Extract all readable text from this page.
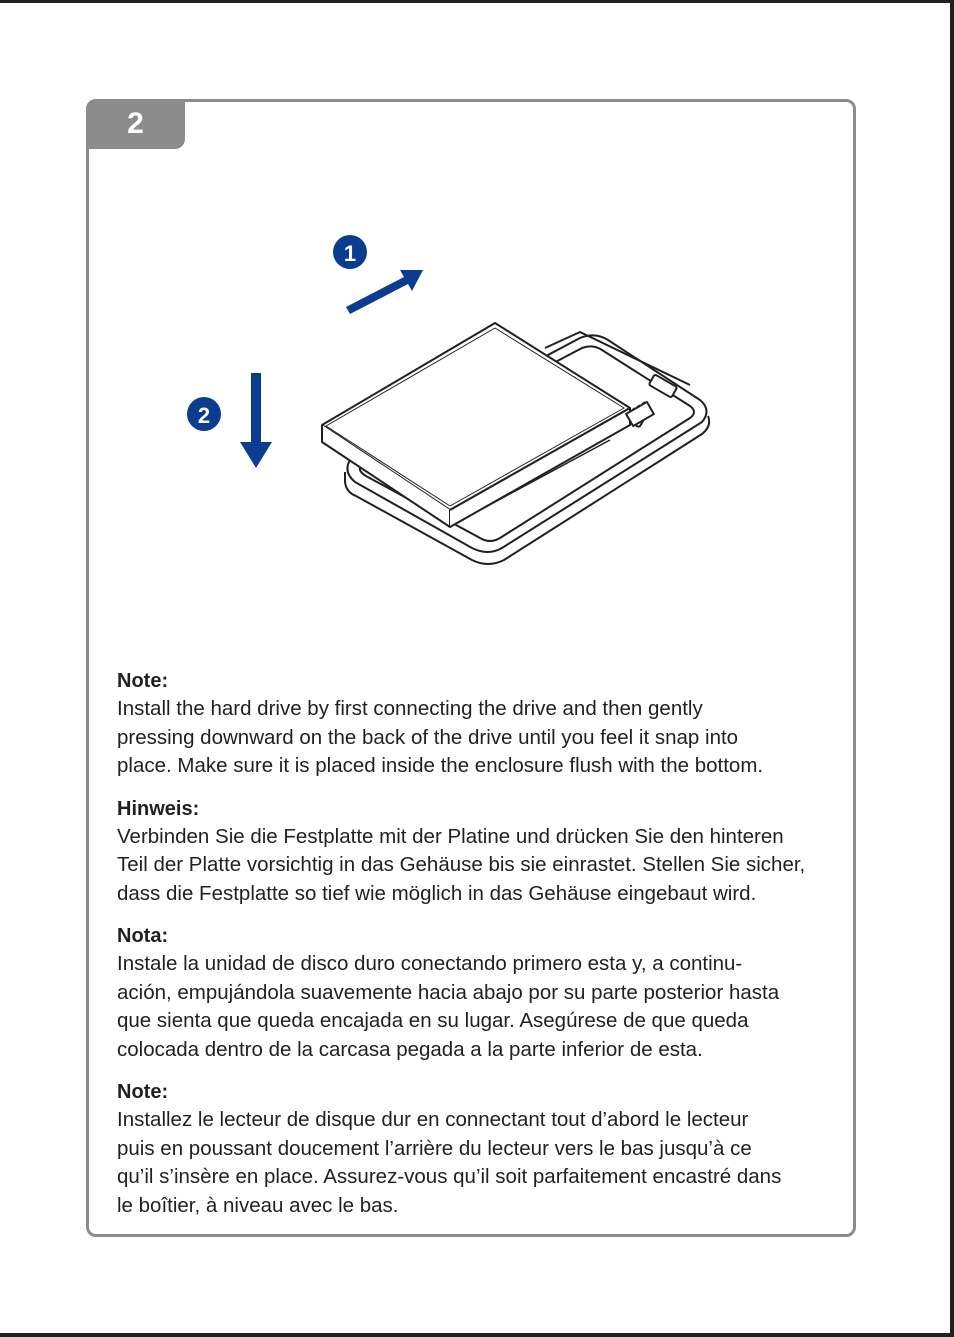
2
1
2

Note:

Install the hard drive by first connecting the drive and then gently
pressing downward on the back of the drive until you feel it snap into
place. Make sure it is placed inside the enclosure flush with the bottom.

Hinweis:

Verbinden Sie die Festplatte mit der Platine und drücken Sie den hinteren
Teil der Platte vorsichtig in das Gehäuse bis sie einrastet. Stellen Sie sicher,
dass die Festplatte so tief wie möglich in das Gehäuse eingebaut wird.

Nota:

Instale la unidad de disco duro conectando primero esta y, a continu-
ación, empujándola suavemente hacia abajo por su parte posterior hasta
que sienta que queda encajada en su lugar. Asegúrese de que queda
colocada dentro de la carcasa pegada a la parte inferior de esta.

Note:

Installez le lecteur de disque dur en connectant tout d’abord le lecteur
puis en poussant doucement l’arrière du lecteur vers le bas jusqu’à ce
qu’il s’insère en place. Assurez-vous qu’il soit parfaitement encastré dans
le boîtier, à niveau avec le bas.
